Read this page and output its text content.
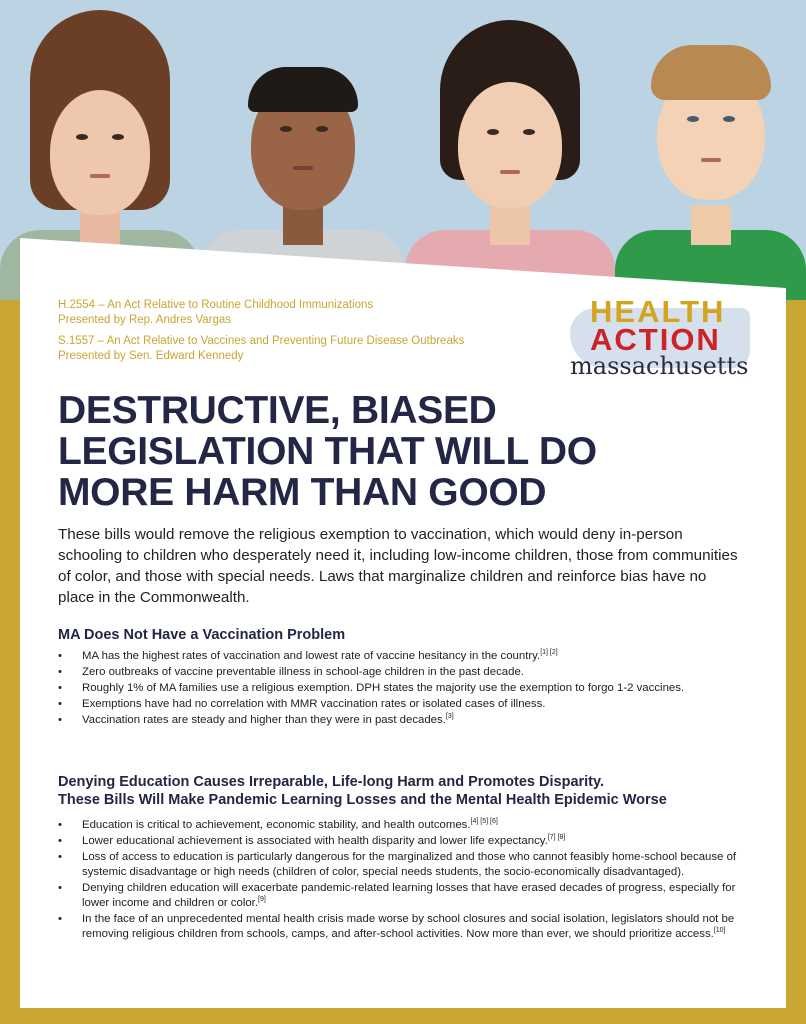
H.2554 – An Act Relative to Routine Childhood Immunizations
Presented by Rep. Andres Vargas
S.1557 – An Act Relative to Vaccines and Preventing Future Disease Outbreaks
Presented by Sen. Edward Kennedy
HEALTH
ACTION
massachusetts
DESTRUCTIVE, BIASED LEGISLATION THAT WILL DO MORE HARM THAN GOOD

These bills would remove the religious exemption to vaccination, which would deny in-person schooling to children who desperately need it, including low-income children, those from communities of color, and those with special needs. Laws that marginalize children and reinforce bias have no place in the Commonwealth.

MA Does Not Have a Vaccination Problem
• MA has the highest rates of vaccination and lowest rate of vaccine hesitancy in the country.[1] [2]
• Zero outbreaks of vaccine preventable illness in school-age children in the past decade.
• Roughly 1% of MA families use a religious exemption. DPH states the majority use the exemption to forgo 1-2 vaccines.
• Exemptions have had no correlation with MMR vaccination rates or isolated cases of illness.
• Vaccination rates are steady and higher than they were in past decades.[3]
Denying Education Causes Irreparable, Life-long Harm and Promotes Disparity.
These Bills Will Make Pandemic Learning Losses and the Mental Health Epidemic Worse
• Education is critical to achievement, economic stability, and health outcomes.[4] [5] [6]
• Lower educational achievement is associated with health disparity and lower life expectancy.[7] [8]
• Loss of access to education is particularly dangerous for the marginalized and those who cannot feasibly home-school because of systemic disadvantage or high needs (children of color, special needs students, the socio-economically disadvantaged).
• Denying children education will exacerbate pandemic-related learning losses that have erased decades of progress, especially for lower income and children or color.[9]
• In the face of an unprecedented mental health crisis made worse by school closures and social isolation, legislators should not be removing religious children from schools, camps, and after-school activities. Now more than ever, we should prioritize access.[10]
